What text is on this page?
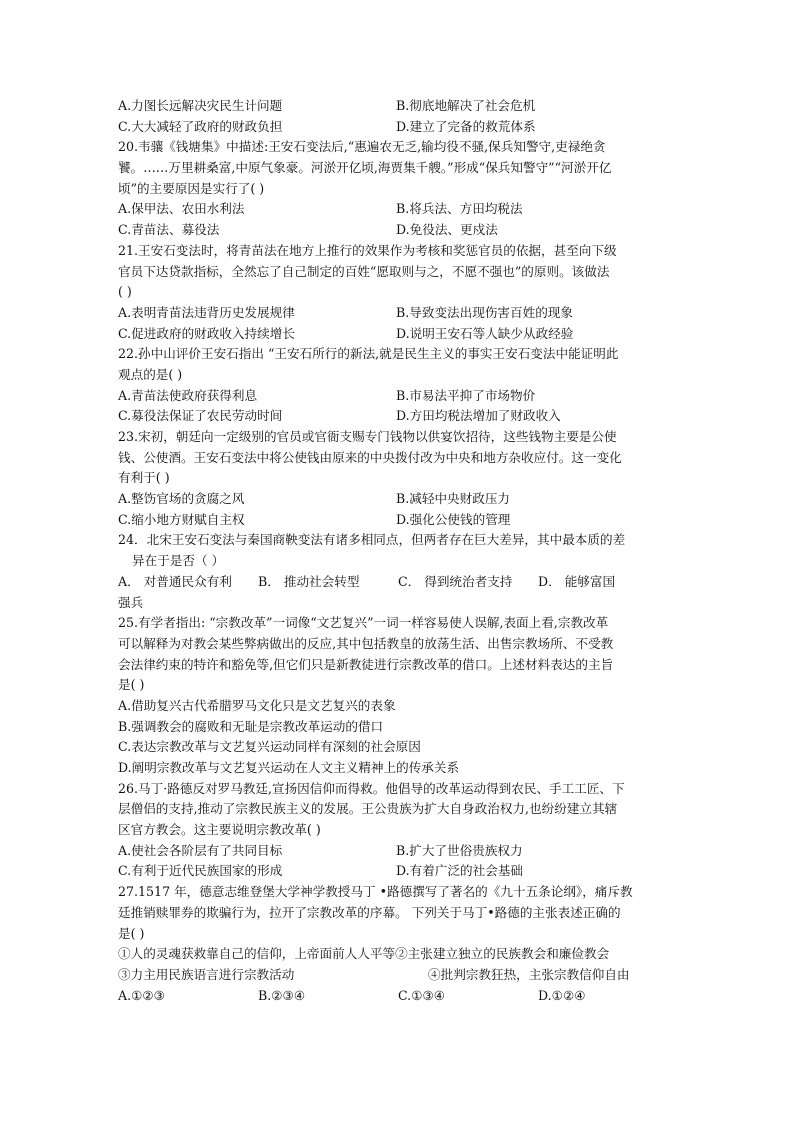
A.力图长远解决灾民生计问题	B.彻底地解决了社会危机
C.大大减轻了政府的财政负担	D.建立了完备的救荒体系
20.韦骧《钱塘集》中描述:王安石变法后,“惠遍农无乏,输均役不骚,保兵知警守,吏禄绝贪
饕。……万里耕桑富,中原气象豪。河淤开亿顷,海贾集千艘。”形成“保兵知警守”“河淤开亿
顷”的主要原因是实行了( )
A.保甲法、农田水利法	B.将兵法、方田均税法
C.青苗法、募役法	D.免役法、更戍法
21.王安石变法时，将青苗法在地方上推行的效果作为考核和奖惩官员的依据，甚至向下级
官员下达贷款指标，全然忘了自己制定的百姓“愿取则与之，不愿不强也”的原则。该做法
( )
A.表明青苗法违背历史发展规律	B.导致变法出现伤害百姓的现象
C.促进政府的财政收入持续增长	D.说明王安石等人缺少从政经验
22.孙中山评价王安石指出 “王安石所行的新法,就是民生主义的事实王安石变法中能证明此
观点的是( )
A.青苗法使政府获得利息	B.市易法平抑了市场物价
C.募役法保证了农民劳动时间	D.方田均税法增加了财政收入
23.宋初，朝廷向一定级别的官员或官衙支赐专门钱物以供宴饮招待，这些钱物主要是公使
钱、公使酒。王安石变法中将公使钱由原来的中央拨付改为中央和地方杂收应付。这一变化
有利于( )
A.整饬官场的贪腐之风	B.减轻中央财政压力
C.缩小地方财赋自主权	D.强化公使钱的管理
24．北宋王安石变法与秦国商鞅变法有诸多相同点，但两者存在巨大差异，其中最本质的差
异在于是否（ ）
A． 对普通民众有利 B． 推动社会转型	C． 得到统治者支持 D． 能够富国
强兵
25.有学者指出: “宗教改革”一词像“文艺复兴”一词一样容易使人误解,表面上看,宗教改革
可以解释为对教会某些弊病做出的反应,其中包括教皇的放荡生活、出售宗教场所、不受教
会法律约束的特许和豁免等,但它们只是新教徒进行宗教改革的借口。上述材料表达的主旨
是( )
A.借助复兴古代希腊罗马文化只是文艺复兴的表象
B.强调教会的腐败和无耻是宗教改革运动的借口
C.表达宗教改革与文艺复兴运动同样有深刻的社会原因
D.阐明宗教改革与文艺复兴运动在人文主义精神上的传承关系
26.马丁·路德反对罗马教廷,宣扬因信仰而得救。他倡导的改革运动得到农民、手工工匠、下
层僧侣的支持,推动了宗教民族主义的发展。王公贵族为扩大自身政治权力,也纷纷建立其辖
区官方教会。这主要说明宗教改革( )
A.使社会各阶层有了共同目标	B.扩大了世俗贵族权力
C.有利于近代民族国家的形成	D.有着广泛的社会基础
27.1517 年，德意志维登堡大学神学教授马丁 •路德撰写了著名的《九十五条论纲》，痛斥教
廷推销赎罪券的欺骗行为，拉开了宗教改革的序幕。 下列关于马丁•路德的主张表述正确的
是( )
①人的灵魂获救靠自己的信仰，上帝面前人人平等②主张建立独立的民族教会和廉俭教会
③力主用民族语言进行宗教活动	④批判宗教狂热，主张宗教信仰自由
A.①②③	B.②③④	C.①③④	D.①②④
